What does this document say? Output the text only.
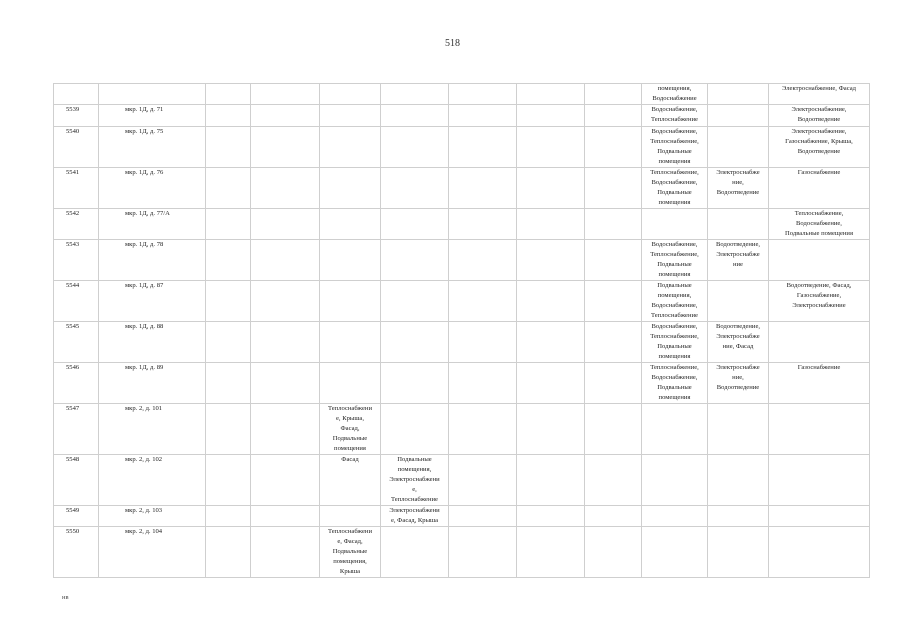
518

									помещения,
Водоснабжение		Электроснабжение, Фасад

5539	мкр. 1Д, д. 71								Водоснабжение,
Теплоснабжение		Электроснабжение,
Водоотведение

5540	мкр. 1Д, д. 75								Водоснабжение,
Теплоснабжение,
Подвальные
помещения		Электроснабжение,
Газоснабжение, Крыша,
Водоотведение

5541	мкр. 1Д, д. 76								Теплоснабжение,
Водоснабжение,
Подвальные
помещения	Электроснабже
ние,
Водоотведение	Газоснабжение

5542	мкр. 1Д, д. 77/А										Теплоснабжение,
Водоснабжение,
Подвальные помещения

5543	мкр. 1Д, д. 78								Водоснабжение,
Теплоснабжение,
Подвальные
помещения	Водоотведение,
Электроснабже
ние	

5544	мкр. 1Д, д. 87								Подвальные
помещения,
Водоснабжение,
Теплоснабжение		Водоотведение, Фасад,
Газоснабжение,
Электроснабжение

5545	мкр. 1Д, д. 88								Водоснабжение,
Теплоснабжение,
Подвальные
помещения	Водоотведение,
Электроснабже
ние, Фасад	

5546	мкр. 1Д, д. 89								Теплоснабжение,
Водоснабжение,
Подвальные
помещения	Электроснабже
ние,
Водоотведение	Газоснабжение

5547	мкр. 2, д. 101			Теплоснабжени
е, Крыша,
Фасад,
Подвальные
помещения							

5548	мкр. 2, д. 102			Фасад	Подвальные
помещения,
Электроснабжени
е,
Теплоснабжение						

5549	мкр. 2, д. 103				Электроснабжени
е, Фасад, Крыша						

5550	мкр. 2, д. 104			Теплоснабжени
е, Фасад,
Подвальные
помещения,
Крыша							

нв
